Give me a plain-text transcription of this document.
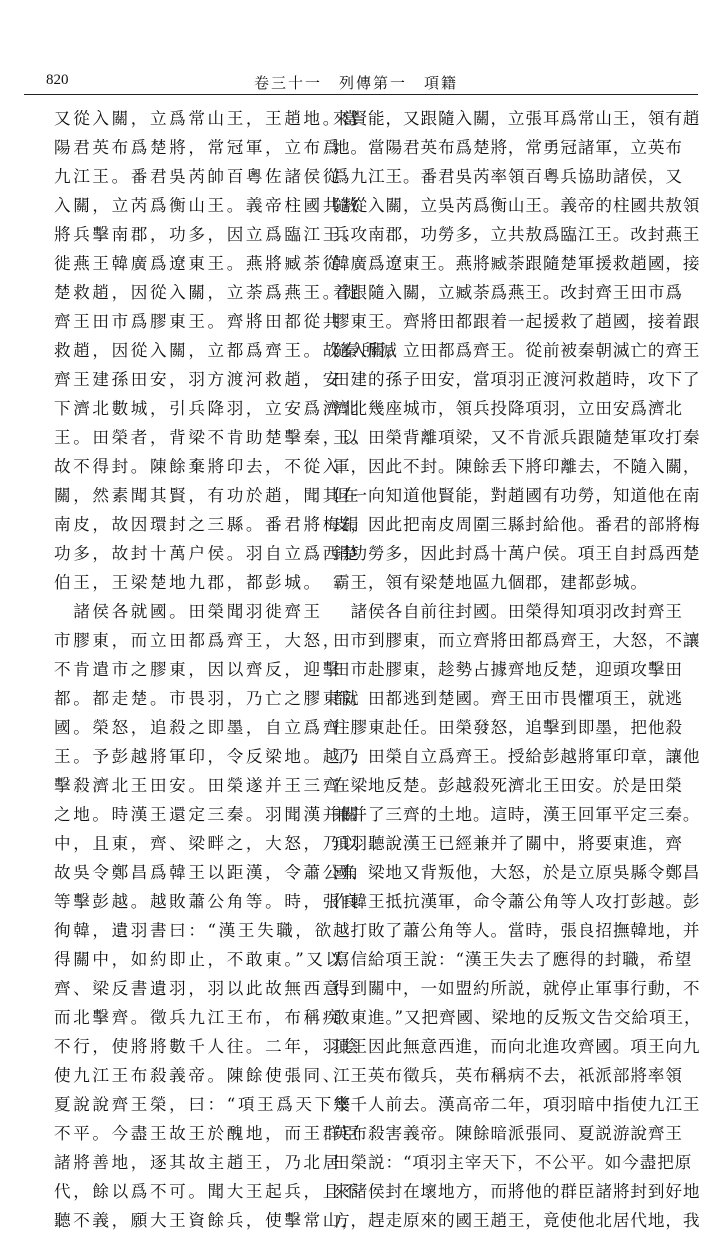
820	卷三十一　列傳第一　項籍
又從入關，立爲常山王，王趙地。當
陽君英布爲楚將，常冠軍，立布爲
九江王。番君吳芮帥百粵佐諸侯從
入關，立芮爲衡山王。義帝柱國共敖
將兵擊南郡，功多，因立爲臨江王。
徙燕王韓廣爲遼東王。燕將臧荼從
楚救趙，因從入關，立荼爲燕王。徙
齊王田市爲膠東王。齊將田都從共
救趙，因從入關，立都爲齊王。故秦所滅
齊王建孫田安，羽方渡河救趙，安
下濟北數城，引兵降羽，立安爲濟北
王。田榮者，背梁不肯助楚擊秦，以
故不得封。陳餘棄將印去，不從入
關，然素聞其賢，有功於趙，聞其在
南皮，故因環封之三縣。番君將梅鋗
功多，故封十萬户侯。羽自立爲西楚
伯王，王梁楚地九郡，都彭城。
　諸侯各就國。田榮聞羽徙齊王
市膠東，而立田都爲齊王，大怒，
不肯遣市之膠東，因以齊反，迎擊
都。都走楚。市畏羽，乃亡之膠東就
國。榮怒，追殺之即墨，自立爲齊
王。予彭越將軍印，令反梁地。越乃
擊殺濟北王田安。田榮遂并王三齊
之地。時漢王還定三秦。羽聞漢并關
中，且東，齊、梁畔之，大怒，乃以
故吳令鄭昌爲韓王以距漢，令蕭公角
等擊彭越。越敗蕭公角等。時，張良
徇韓，遺羽書曰：“漢王失職，欲
得關中，如約即止，不敢東。”又以
齊、梁反書遺羽，羽以此故無西意，
而北擊齊。徵兵九江王布，布稱疾
不行，使將將數千人往。二年，羽陰
使九江王布殺義帝。陳餘使張同、
夏說說齊王榮，曰：“項王爲天下宰
不平。今盡王故王於醜地，而王群臣
諸將善地，逐其故主趙王，乃北居
代，餘以爲不可。聞大王起兵，且不
聽不義，願大王資餘兵，使擊常山，
來賢能，又跟隨入關，立張耳爲常山王，領有趙
地。當陽君英布爲楚將，常勇冠諸軍，立英布
爲九江王。番君吳芮率領百粵兵協助諸侯，又
隨從入關，立吳芮爲衡山王。義帝的柱國共敖領
兵攻南郡，功勞多，立共敖爲臨江王。改封燕王
韓廣爲遼東王。燕將臧荼跟隨楚軍援救趙國，接
着跟隨入關，立臧荼爲燕王。改封齊王田市爲
膠東王。齊將田都跟着一起援救了趙國，接着跟
隨入關，立田都爲齊王。從前被秦朝滅亡的齊王
田建的孫子田安，當項羽正渡河救趙時，攻下了
濟北幾座城市，領兵投降項羽，立田安爲濟北
王。田榮背離項梁，又不肯派兵跟隨楚軍攻打秦
軍，因此不封。陳餘丢下將印離去，不隨入關，
但一向知道他賢能，對趙國有功勞，知道他在南
皮，因此把南皮周圍三縣封給他。番君的部將梅
鋗功勞多，因此封爲十萬户侯。項王自封爲西楚
霸王，領有梁楚地區九個郡，建都彭城。
　諸侯各自前往封國。田榮得知項羽改封齊王
田市到膠東，而立齊將田都爲齊王，大怒，不讓
田市赴膠東，趁勢占據齊地反楚，迎頭攻擊田
都。田都逃到楚國。齊王田市畏懼項王，就逃
往膠東赴任。田榮發怒，追擊到即墨，把他殺
了，田榮自立爲齊王。授給彭越將軍印章，讓他
在梁地反楚。彭越殺死濟北王田安。於是田榮
兼并了三齊的土地。這時，漢王回軍平定三秦。
項羽聽說漢王已經兼并了關中，將要東進，齊
國、梁地又背叛他，大怒，於是立原吳縣令鄭昌
作韓王抵抗漢軍，命令蕭公角等人攻打彭越。彭
越打敗了蕭公角等人。當時，張良招撫韓地，并
寫信給項王說：“漢王失去了應得的封職，希望
得到關中，一如盟約所説，就停止軍事行動，不
敢東進。”又把齊國、梁地的反叛文告交給項王，
項王因此無意西進，而向北進攻齊國。項王向九
江王英布徵兵，英布稱病不去，祇派部將率領
幾千人前去。漢高帝二年，項羽暗中指使九江王
英布殺害義帝。陳餘暗派張同、夏説游說齊王
田榮説：“項羽主宰天下，不公平。如今盡把原
來諸侯封在壞地方，而將他的群臣諸將封到好地
方，趕走原來的國王趙王，竟使他北居代地，我
